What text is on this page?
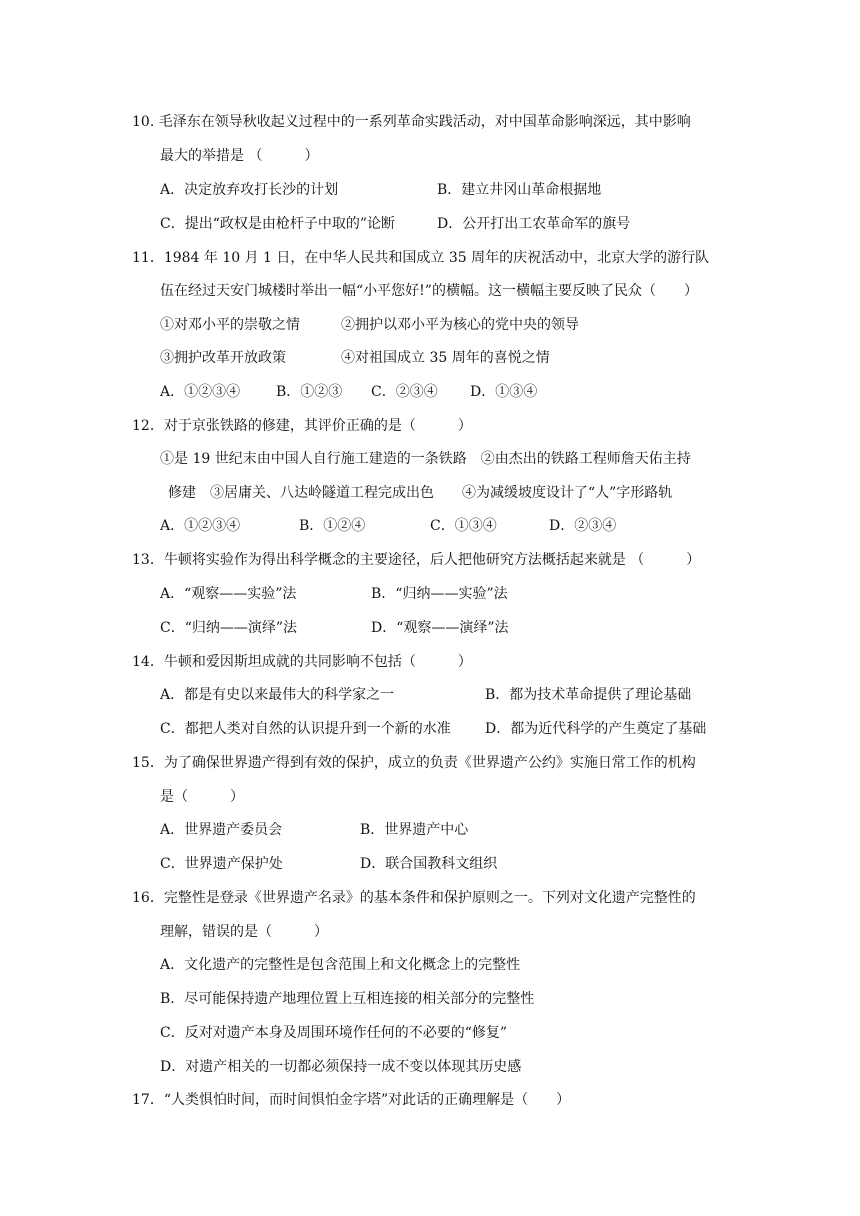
10. 毛泽东在领导秋收起义过程中的一系列革命实践活动，对中国革命影响深远，其中影响
最大的举措是 （　　　）
A．决定放弃攻打长沙的计划	B．建立井冈山革命根据地
C．提出“政权是由枪杆子中取的”论断	D．公开打出工农革命军的旗号
11．1984 年 10 月 1 日，在中华人民共和国成立 35 周年的庆祝活动中，北京大学的游行队
伍在经过天安门城楼时举出一幅“小平您好!”的横幅。这一横幅主要反映了民众（　　）
①对邓小平的崇敬之情	②拥护以邓小平为核心的党中央的领导
③拥护改革开放政策	④对祖国成立 35 周年的喜悦之情
A．①②③④	B．①②③ C．②③④ D．①③④
12．对于京张铁路的修建，其评价正确的是（　　　）
①是 19 世纪末由中国人自行施工建造的一条铁路　②由杰出的铁路工程师詹天佑主持
修建　③居庸关、八达岭隧道工程完成出色　　④为减缓坡度设计了“人”字形路轨
A．①②③④	B．①②④	C．①③④	D．②③④
13．牛顿将实验作为得出科学概念的主要途径，后人把他研究方法概括起来就是 （　　　）
A．“观察——实验”法	B．“归纳——实验”法
C．“归纳——演绎”法	D．“观察——演绎”法
14．牛顿和爱因斯坦成就的共同影响不包括（　　　）
A．都是有史以来最伟大的科学家之一	B．都为技术革命提供了理论基础
C．都把人类对自然的认识提升到一个新的水准 D．都为近代科学的产生奠定了基础
15．为了确保世界遗产得到有效的保护，成立的负责《世界遗产公约》实施日常工作的机构
是（　　　）
A．世界遗产委员会	B．世界遗产中心
C．世界遗产保护处	D．联合国教科文组织
16．完整性是登录《世界遗产名录》的基本条件和保护原则之一。下列对文化遗产完整性的
理解，错误的是（　　　）
A．文化遗产的完整性是包含范围上和文化概念上的完整性
B．尽可能保持遗产地理位置上互相连接的相关部分的完整性
C．反对对遗产本身及周围环境作任何的不必要的“修复”
D．对遗产相关的一切都必须保持一成不变以体现其历史感
17．“人类惧怕时间，而时间惧怕金字塔”对此话的正确理解是（　　）
